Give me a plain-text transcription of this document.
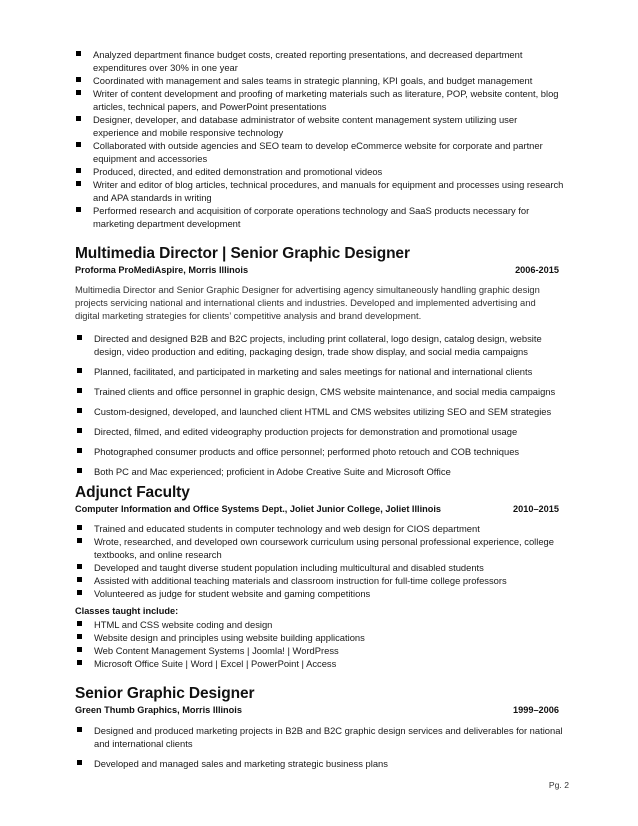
Analyzed department finance budget costs, created reporting presentations, and decreased department expenditures over 30% in one year
Coordinated with management and sales teams in strategic planning, KPI goals, and budget management
Writer of content development and proofing of marketing materials such as literature, POP, website content, blog articles, technical papers, and PowerPoint presentations
Designer, developer, and database administrator of website content management system utilizing user experience and mobile responsive technology
Collaborated with outside agencies and SEO team to develop eCommerce website for corporate and partner equipment and accessories
Produced, directed, and edited demonstration and promotional videos
Writer and editor of blog articles, technical procedures, and manuals for equipment and processes using research and APA standards in writing
Performed research and acquisition of corporate operations technology and SaaS products necessary for marketing department development
Multimedia Director | Senior Graphic Designer
Proforma ProMediAspire, Morris Illinois	2006-2015

Multimedia Director and Senior Graphic Designer for advertising agency simultaneously handling graphic design projects servicing national and international clients and industries. Developed and implemented advertising and digital marketing strategies for clients’ competitive analysis and brand development.

Directed and designed B2B and B2C projects, including print collateral, logo design, catalog design, website design, video production and editing, packaging design, trade show display, and social media campaigns
Planned, facilitated, and participated in marketing and sales meetings for national and international clients
Trained clients and office personnel in graphic design, CMS website maintenance, and social media campaigns
Custom-designed, developed, and launched client HTML and CMS websites utilizing SEO and SEM strategies
Directed, filmed, and edited videography production projects for demonstration and promotional usage
Photographed consumer products and office personnel; performed photo retouch and COB techniques
Both PC and Mac experienced; proficient in Adobe Creative Suite and Microsoft Office
Adjunct Faculty
Computer Information and Office Systems Dept., Joliet Junior College, Joliet Illinois	2010–2015
Trained and educated students in computer technology and web design for CIOS department
Wrote, researched, and developed own coursework curriculum using personal professional experience, college textbooks, and online research
Developed and taught diverse student population including multicultural and disabled students
Assisted with additional teaching materials and classroom instruction for full-time college professors
Volunteered as judge for student website and gaming competitions
Classes taught include:
HTML and CSS website coding and design
Website design and principles using website building applications
Web Content Management Systems | Joomla! | WordPress
Microsoft Office Suite | Word | Excel | PowerPoint | Access
Senior Graphic Designer
Green Thumb Graphics, Morris Illinois	1999–2006
Designed and produced marketing projects in B2B and B2C graphic design services and deliverables for national and international clients
Developed and managed sales and marketing strategic business plans
Pg. 2
